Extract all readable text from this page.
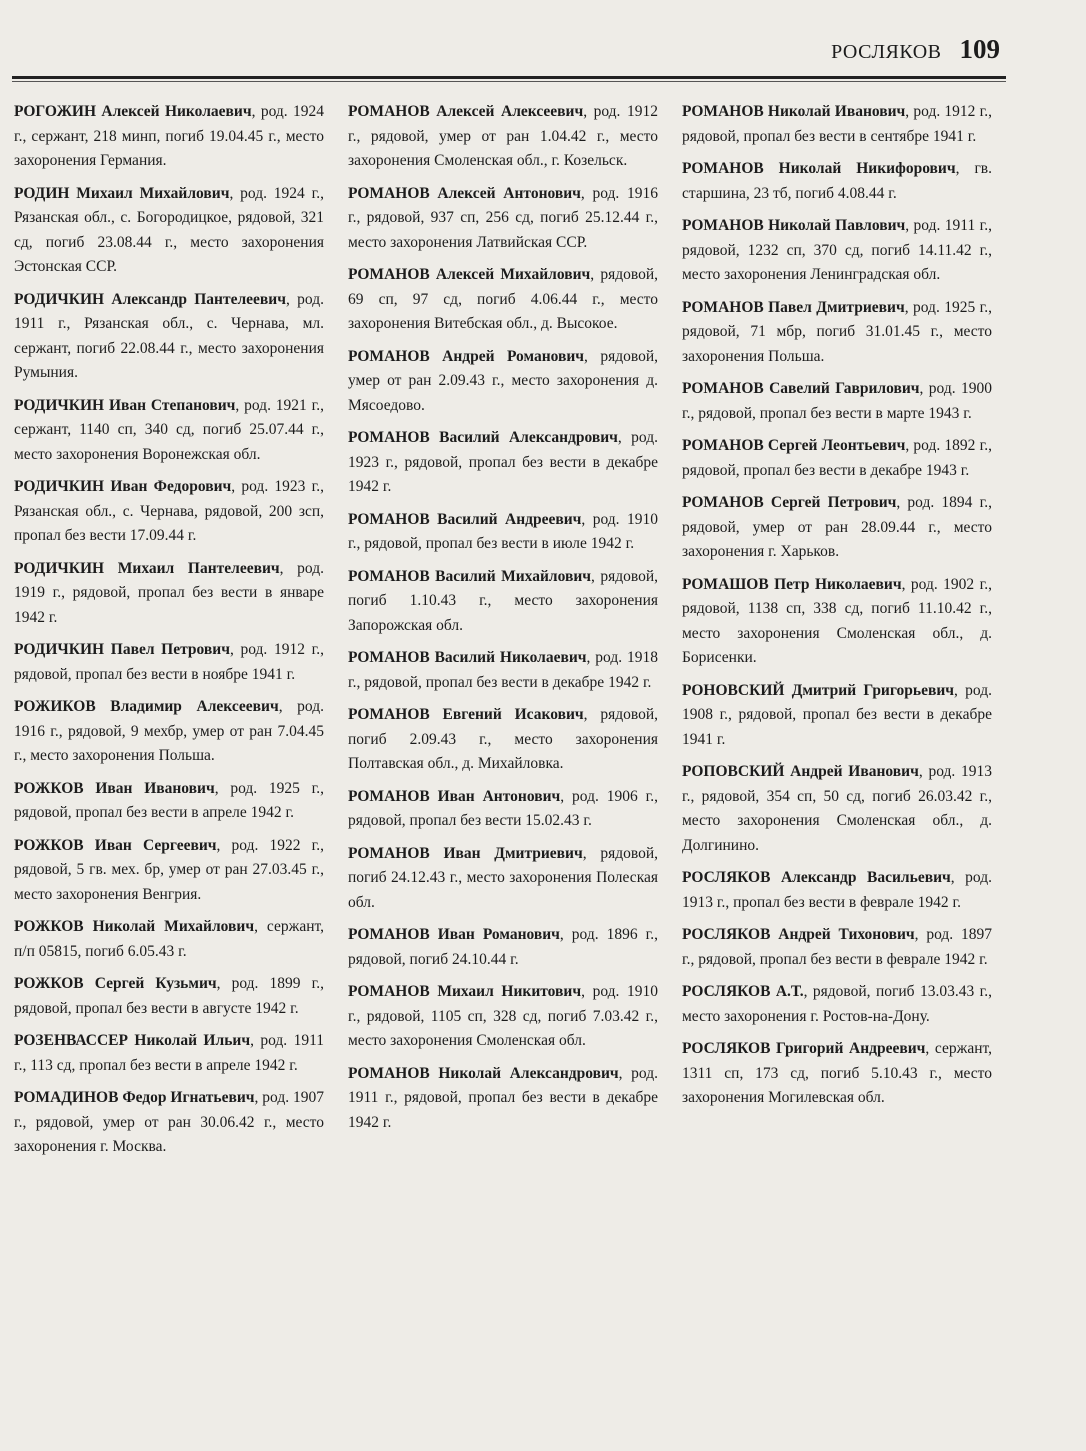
РОСЛЯКОВ 109

РОГОЖИН Алексей Николаевич, род. 1924 г., сержант, 218 минп, погиб 19.04.45 г., место захоронения Германия.

РОДИН Михаил Михайлович, род. 1924 г., Рязанская обл., с. Богородицкое, рядовой, 321 сд, погиб 23.08.44 г., место захоронения Эстонская ССР.

РОДИЧКИН Александр Пантелеевич, род. 1911 г., Рязанская обл., с. Чернава, мл. сержант, погиб 22.08.44 г., место захоронения Румыния.

РОДИЧКИН Иван Степанович, род. 1921 г., сержант, 1140 сп, 340 сд, погиб 25.07.44 г., место захоронения Воронежская обл.

РОДИЧКИН Иван Федорович, род. 1923 г., Рязанская обл., с. Чернава, рядовой, 200 зсп, пропал без вести 17.09.44 г.

РОДИЧКИН Михаил Пантелеевич, род. 1919 г., рядовой, пропал без вести в январе 1942 г.

РОДИЧКИН Павел Петрович, род. 1912 г., рядовой, пропал без вести в ноябре 1941 г.

РОЖИКОВ Владимир Алексеевич, род. 1916 г., рядовой, 9 мехбр, умер от ран 7.04.45 г., место захоронения Польша.

РОЖКОВ Иван Иванович, род. 1925 г., рядовой, пропал без вести в апреле 1942 г.

РОЖКОВ Иван Сергеевич, род. 1922 г., рядовой, 5 гв. мех. бр, умер от ран 27.03.45 г., место захоронения Венгрия.

РОЖКОВ Николай Михайлович, сержант, п/п 05815, погиб 6.05.43 г.

РОЖКОВ Сергей Кузьмич, род. 1899 г., рядовой, пропал без вести в августе 1942 г.

РОЗЕНВАССЕР Николай Ильич, род. 1911 г., 113 сд, пропал без вести в апреле 1942 г.

РОМАДИНОВ Федор Игнатьевич, род. 1907 г., рядовой, умер от ран 30.06.42 г., место захоронения г. Москва.

РОМАНОВ Алексей Алексеевич, род. 1912 г., рядовой, умер от ран 1.04.42 г., место захоронения Смоленская обл., г. Козельск.

РОМАНОВ Алексей Антонович, род. 1916 г., рядовой, 937 сп, 256 сд, погиб 25.12.44 г., место захоронения Латвийская ССР.

РОМАНОВ Алексей Михайлович, рядовой, 69 сп, 97 сд, погиб 4.06.44 г., место захоронения Витебская обл., д. Высокое.

РОМАНОВ Андрей Романович, рядовой, умер от ран 2.09.43 г., место захоронения д. Мясоедово.

РОМАНОВ Василий Александрович, род. 1923 г., рядовой, пропал без вести в декабре 1942 г.

РОМАНОВ Василий Андреевич, род. 1910 г., рядовой, пропал без вести в июле 1942 г.

РОМАНОВ Василий Михайлович, рядовой, погиб 1.10.43 г., место захоронения Запорожская обл.

РОМАНОВ Василий Николаевич, род. 1918 г., рядовой, пропал без вести в декабре 1942 г.

РОМАНОВ Евгений Исакович, рядовой, погиб 2.09.43 г., место захоронения Полтавская обл., д. Михайловка.

РОМАНОВ Иван Антонович, род. 1906 г., рядовой, пропал без вести 15.02.43 г.

РОМАНОВ Иван Дмитриевич, рядовой, погиб 24.12.43 г., место захоронения Полеская обл.

РОМАНОВ Иван Романович, род. 1896 г., рядовой, погиб 24.10.44 г.

РОМАНОВ Михаил Никитович, род. 1910 г., рядовой, 1105 сп, 328 сд, погиб 7.03.42 г., место захоронения Смоленская обл.

РОМАНОВ Николай Александрович, род. 1911 г., рядовой, пропал без вести в декабре 1942 г.

РОМАНОВ Николай Иванович, род. 1912 г., рядовой, пропал без вести в сентябре 1941 г.

РОМАНОВ Николай Никифорович, гв. старшина, 23 тб, погиб 4.08.44 г.

РОМАНОВ Николай Павлович, род. 1911 г., рядовой, 1232 сп, 370 сд, погиб 14.11.42 г., место захоронения Ленинградская обл.

РОМАНОВ Павел Дмитриевич, род. 1925 г., рядовой, 71 мбр, погиб 31.01.45 г., место захоронения Польша.

РОМАНОВ Савелий Гаврилович, род. 1900 г., рядовой, пропал без вести в марте 1943 г.

РОМАНОВ Сергей Леонтьевич, род. 1892 г., рядовой, пропал без вести в декабре 1943 г.

РОМАНОВ Сергей Петрович, род. 1894 г., рядовой, умер от ран 28.09.44 г., место захоронения г. Харьков.

РОМАШОВ Петр Николаевич, род. 1902 г., рядовой, 1138 сп, 338 сд, погиб 11.10.42 г., место захоронения Смоленская обл., д. Борисенки.

РОНОВСКИЙ Дмитрий Григорьевич, род. 1908 г., рядовой, пропал без вести в декабре 1941 г.

РОПОВСКИЙ Андрей Иванович, род. 1913 г., рядовой, 354 сп, 50 сд, погиб 26.03.42 г., место захоронения Смоленская обл., д. Долгинино.

РОСЛЯКОВ Александр Васильевич, род. 1913 г., пропал без вести в феврале 1942 г.

РОСЛЯКОВ Андрей Тихонович, род. 1897 г., рядовой, пропал без вести в феврале 1942 г.

РОСЛЯКОВ А.Т., рядовой, погиб 13.03.43 г., место захоронения г. Ростов-на-Дону.

РОСЛЯКОВ Григорий Андреевич, сержант, 1311 сп, 173 сд, погиб 5.10.43 г., место захоронения Могилевская обл.
